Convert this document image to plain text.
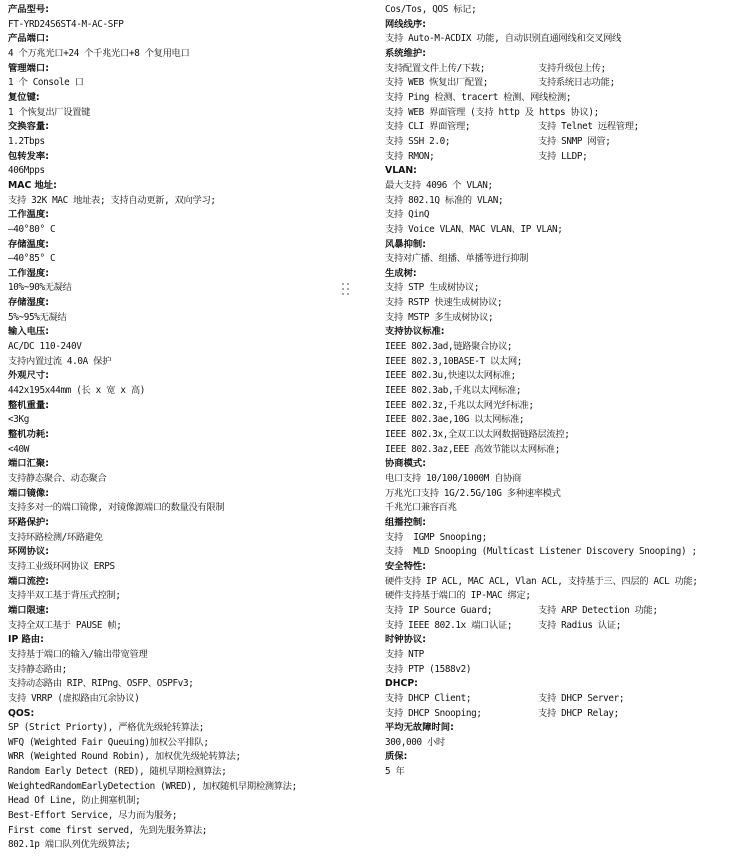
产品型号:
FT-YRD24S6ST4-M-AC-SFP
产品端口:
4 个万兆光口+24 个千兆光口+8 个复用电口
管理端口:
1 个 Console 口
复位键:
1 个恢复出厂设置键
交换容量:
1.2Tbps
包转发率:
406Mpps
MAC 地址:
支持 32K MAC 地址表; 支持自动更新, 双向学习;
工作温度:
—40°80° C
存储温度:
—40°85° C
工作湿度:
10%~90%无凝结
存储湿度:
5%~95%无凝结
输入电压:
AC/DC 110-240V
支持内置过流 4.0A 保护
外观尺寸:
442x195x44mm (长 x 宽 x 高)
整机重量:
<3Kg
整机功耗:
<40W
端口汇聚:
支持静态聚合、动态聚合
端口镜像:
支持多对一的端口镜像, 对镜像源端口的数量没有限制
环路保护:
支持环路检测/环路避免
环网协议:
支持工业级环网协议 ERPS
端口流控:
支持半双工基于背压式控制;
端口限速:
支持全双工基于 PAUSE 帧;
IP 路由:
支持基于端口的输入/输出带宽管理
支持静态路由;
支持动态路由 RIP、RIPng、OSFP、OSPFv3;
支持 VRRP (虚拟路由冗余协议)
QOS:
SP (Strict Priorty), 严格优先级轮转算法;
WFQ (Weighted Fair Queuing)加权公平排队;
WRR (Weighted Round Robin), 加权优先级轮转算法;
Random Early Detect (RED), 随机早期检测算法;
WeightedRandomEarlyDetection (WRED), 加权随机早期检测算法;
Head Of Line, 防止拥塞机制;
Best-Effort Service, 尽力而为服务;
First come first served, 先到先服务算法;
802.1p 端口队列优先级算法;
Cos/Tos, QOS 标记;
网线线序:
支持 Auto-M-ACDIX 功能, 自动识别直通网线和交叉网线
系统维护:
支持配置文件上传/下载;	支持升级包上传;
支持 WEB 恢复出厂配置;	支持系统日志功能;
支持 Ping 检测、tracert 检测、网线检测;
支持 WEB 界面管理 (支持 http 及 https 协议);
支持 CLI 界面管理;	支持 Telnet 远程管理;
支持 SSH 2.0;	支持 SNMP 网管;
支持 RMON;	支持 LLDP;
VLAN:
最大支持 4096 个 VLAN;
支持 802.1Q 标准的 VLAN;
支持 QinQ
支持 Voice VLAN、MAC VLAN、IP VLAN;
风暴抑制:
支持对广播、组播、单播等进行抑制
生成树:
支持 STP 生成树协议;
支持 RSTP 快速生成树协议;
支持 MSTP 多生成树协议;
支持协议标准:
IEEE 802.3ad,链路聚合协议;
IEEE 802.3,10BASE-T 以太网;
IEEE 802.3u,快速以太网标准;
IEEE 802.3ab,千兆以太网标准;
IEEE 802.3z,千兆以太网光纤标准;
IEEE 802.3ae,10G 以太网标准;
IEEE 802.3x,全双工以太网数据链路层流控;
IEEE 802.3az,EEE 高效节能以太网标准;
协商模式:
电口支持 10/100/1000M 自协商
万兆光口支持 1G/2.5G/10G 多种速率模式
千兆光口兼容百兆
组播控制:
支持  IGMP Snooping;
支持  MLD Snooping (Multicast Listener Discovery Snooping) ;
安全特性:
硬件支持 IP ACL, MAC ACL, Vlan ACL, 支持基于三、四层的 ACL 功能;
硬件支持基于端口的 IP-MAC 绑定;
支持 IP Source Guard;	支持 ARP Detection 功能;
支持 IEEE 802.1x 端口认证;	支持 Radius 认证;
时钟协议:
支持 NTP
支持 PTP (1588v2)
DHCP:
支持 DHCP Client;	支持 DHCP Server;
支持 DHCP Snooping;	支持 DHCP Relay;
平均无故障时间:
300,000 小时
质保:
5 年
